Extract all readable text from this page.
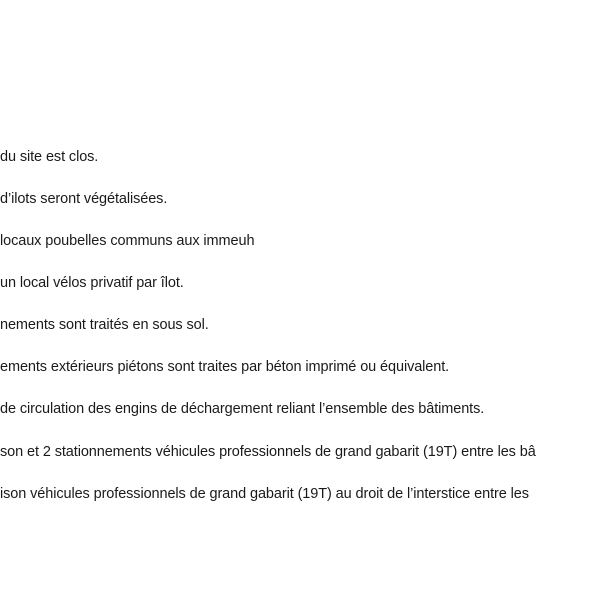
du site est clos.
d’ilots seront végétalisées.
locaux poubelles communs aux immeuh
un local vélos privatif par îlot.
nements sont traités en sous sol.
ements extérieurs piétons sont traites par béton imprimé ou équivalent.
de circulation des engins de déchargement reliant l’ensemble des bâtiments.
son et 2 stationnements véhicules professionnels de grand gabarit (19T) entre les bâ
ison véhicules professionnels de grand gabarit (19T) au droit de l’interstice entre les
